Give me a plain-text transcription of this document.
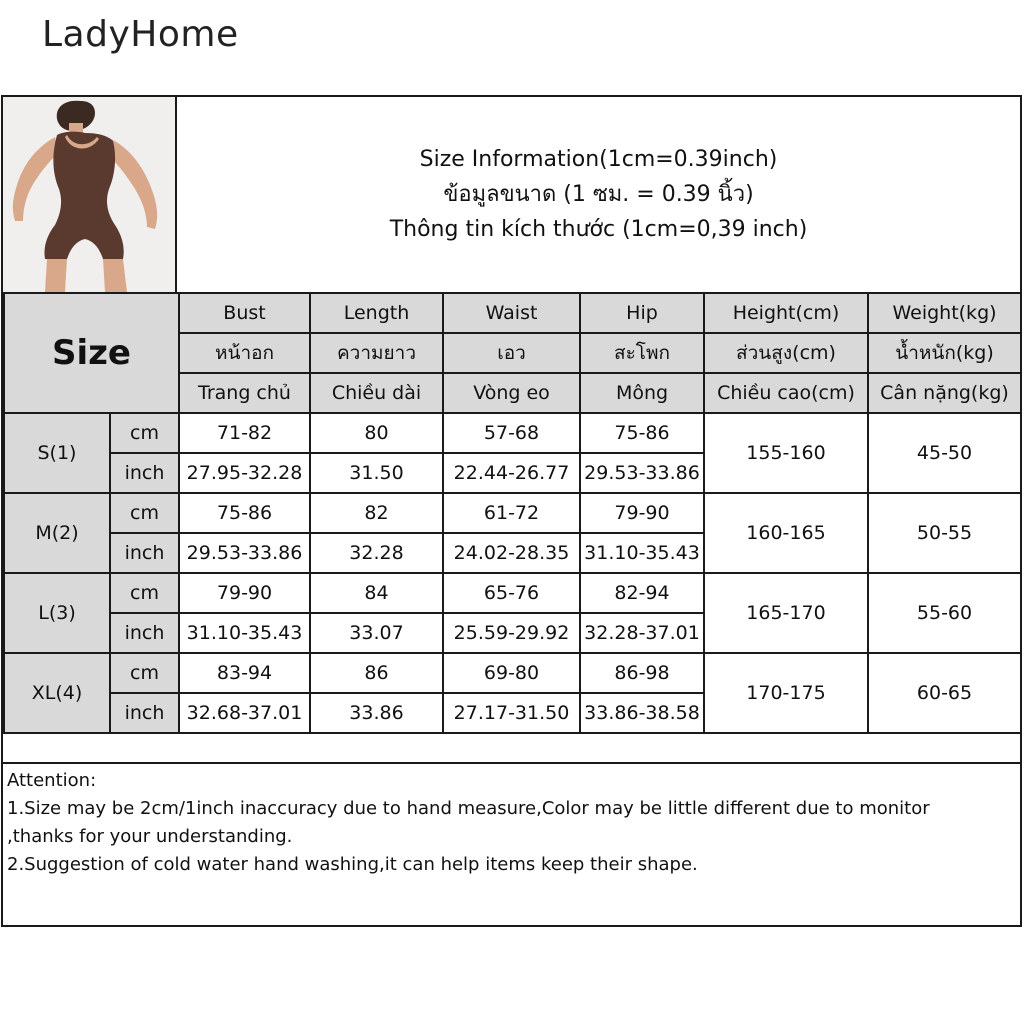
LadyHome
Size Information(1cm=0.39inch)
ข้อมูลขนาด (1 ซม. = 0.39 นิ้ว)
Thông tin kích thước (1cm=0,39 inch)
Size		Bust	Length	Waist	Hip	Height(cm)	Weight(kg)
		หน้าอก	ความยาว	เอว	สะโพก	ส่วนสูง(cm)	น้ำหนัก(kg)
		Trang chủ	Chiều dài	Vòng eo	Mông	Chiều cao(cm)	Cân nặng(kg)
S(1)	cm	71-82	80	57-68	75-86	155-160	45-50
	inch	27.95-32.28	31.50	22.44-26.77	29.53-33.86		
M(2)	cm	75-86	82	61-72	79-90	160-165	50-55
	inch	29.53-33.86	32.28	24.02-28.35	31.10-35.43		
L(3)	cm	79-90	84	65-76	82-94	165-170	55-60
	inch	31.10-35.43	33.07	25.59-29.92	32.28-37.01		
XL(4)	cm	83-94	86	69-80	86-98	170-175	60-65
	inch	32.68-37.01	33.86	27.17-31.50	33.86-38.58		
Attention:
1.Size may be 2cm/1inch inaccuracy due to hand measure,Color may be little different due to monitor
,thanks for your understanding.
2.Suggestion of cold water hand washing,it can help items keep their shape.
